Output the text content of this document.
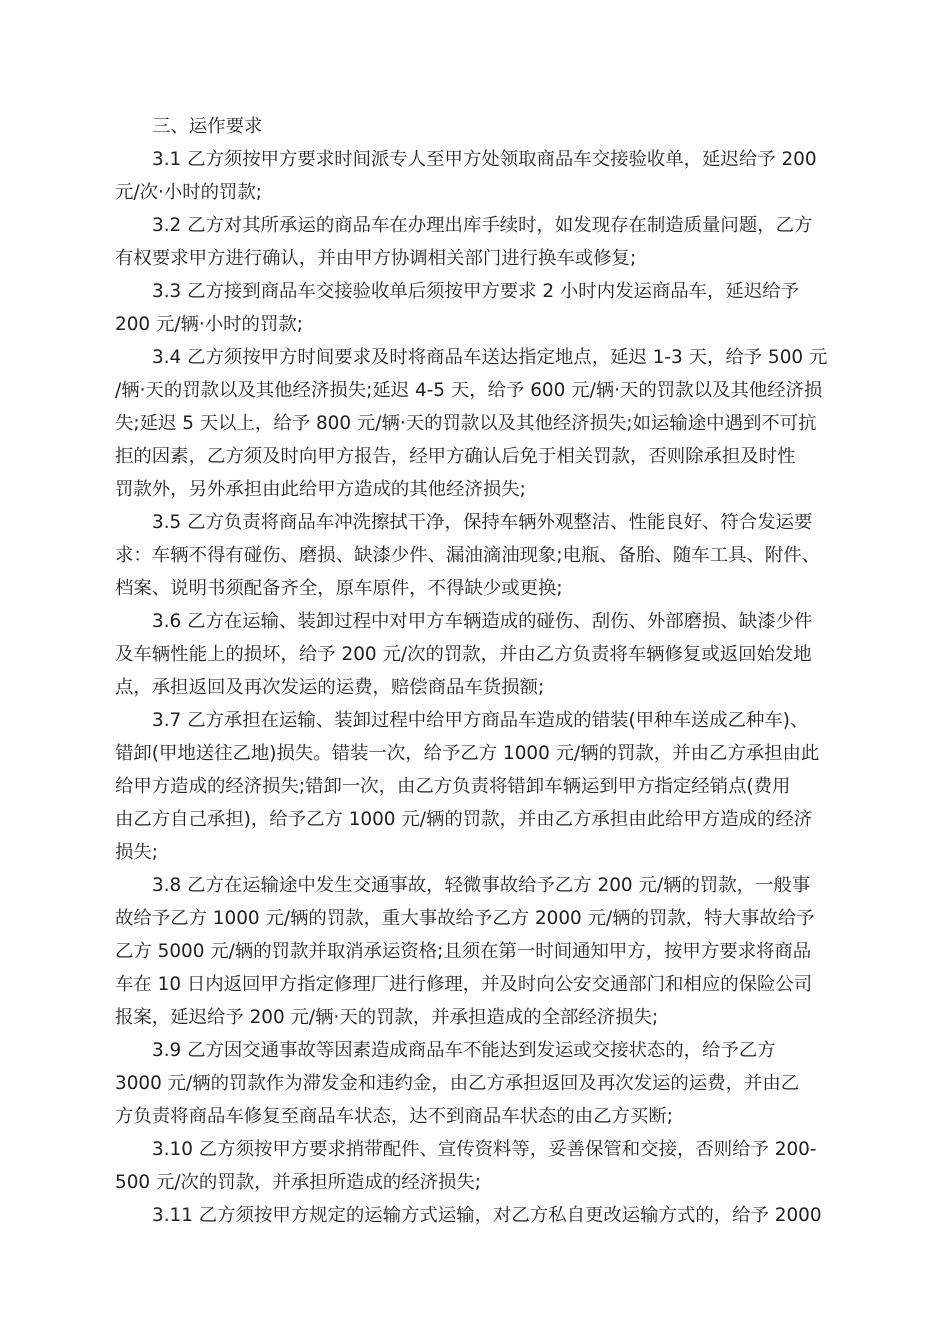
三、运作要求
3.1 乙方须按甲方要求时间派专人至甲方处领取商品车交接验收单，延迟给予 200
元/次·小时的罚款;
3.2 乙方对其所承运的商品车在办理出库手续时，如发现存在制造质量问题，乙方
有权要求甲方进行确认，并由甲方协调相关部门进行换车或修复;
3.3 乙方接到商品车交接验收单后须按甲方要求 2 小时内发运商品车，延迟给予
200 元/辆·小时的罚款;
3.4 乙方须按甲方时间要求及时将商品车送达指定地点，延迟 1-3 天，给予 500 元
/辆·天的罚款以及其他经济损失;延迟 4-5 天，给予 600 元/辆·天的罚款以及其他经济损
失;延迟 5 天以上，给予 800 元/辆·天的罚款以及其他经济损失;如运输途中遇到不可抗
拒的因素，乙方须及时向甲方报告，经甲方确认后免于相关罚款，否则除承担及时性
罚款外，另外承担由此给甲方造成的其他经济损失;
3.5 乙方负责将商品车冲洗擦拭干净，保持车辆外观整洁、性能良好、符合发运要
求：车辆不得有碰伤、磨损、缺漆少件、漏油滴油现象;电瓶、备胎、随车工具、附件、
档案、说明书须配备齐全，原车原件，不得缺少或更换;
3.6 乙方在运输、装卸过程中对甲方车辆造成的碰伤、刮伤、外部磨损、缺漆少件
及车辆性能上的损坏，给予 200 元/次的罚款，并由乙方负责将车辆修复或返回始发地
点，承担返回及再次发运的运费，赔偿商品车货损额;
3.7 乙方承担在运输、装卸过程中给甲方商品车造成的错装(甲种车送成乙种车)、
错卸(甲地送往乙地)损失。错装一次，给予乙方 1000 元/辆的罚款，并由乙方承担由此
给甲方造成的经济损失;错卸一次，由乙方负责将错卸车辆运到甲方指定经销点(费用
由乙方自己承担)，给予乙方 1000 元/辆的罚款，并由乙方承担由此给甲方造成的经济
损失;
3.8 乙方在运输途中发生交通事故，轻微事故给予乙方 200 元/辆的罚款，一般事
故给予乙方 1000 元/辆的罚款，重大事故给予乙方 2000 元/辆的罚款，特大事故给予
乙方 5000 元/辆的罚款并取消承运资格;且须在第一时间通知甲方，按甲方要求将商品
车在 10 日内返回甲方指定修理厂进行修理，并及时向公安交通部门和相应的保险公司
报案，延迟给予 200 元/辆·天的罚款，并承担造成的全部经济损失;
3.9 乙方因交通事故等因素造成商品车不能达到发运或交接状态的，给予乙方
3000 元/辆的罚款作为滞发金和违约金，由乙方承担返回及再次发运的运费，并由乙
方负责将商品车修复至商品车状态，达不到商品车状态的由乙方买断;
3.10 乙方须按甲方要求捎带配件、宣传资料等，妥善保管和交接，否则给予 200-
500 元/次的罚款，并承担所造成的经济损失;
3.11 乙方须按甲方规定的运输方式运输，对乙方私自更改运输方式的，给予 2000
